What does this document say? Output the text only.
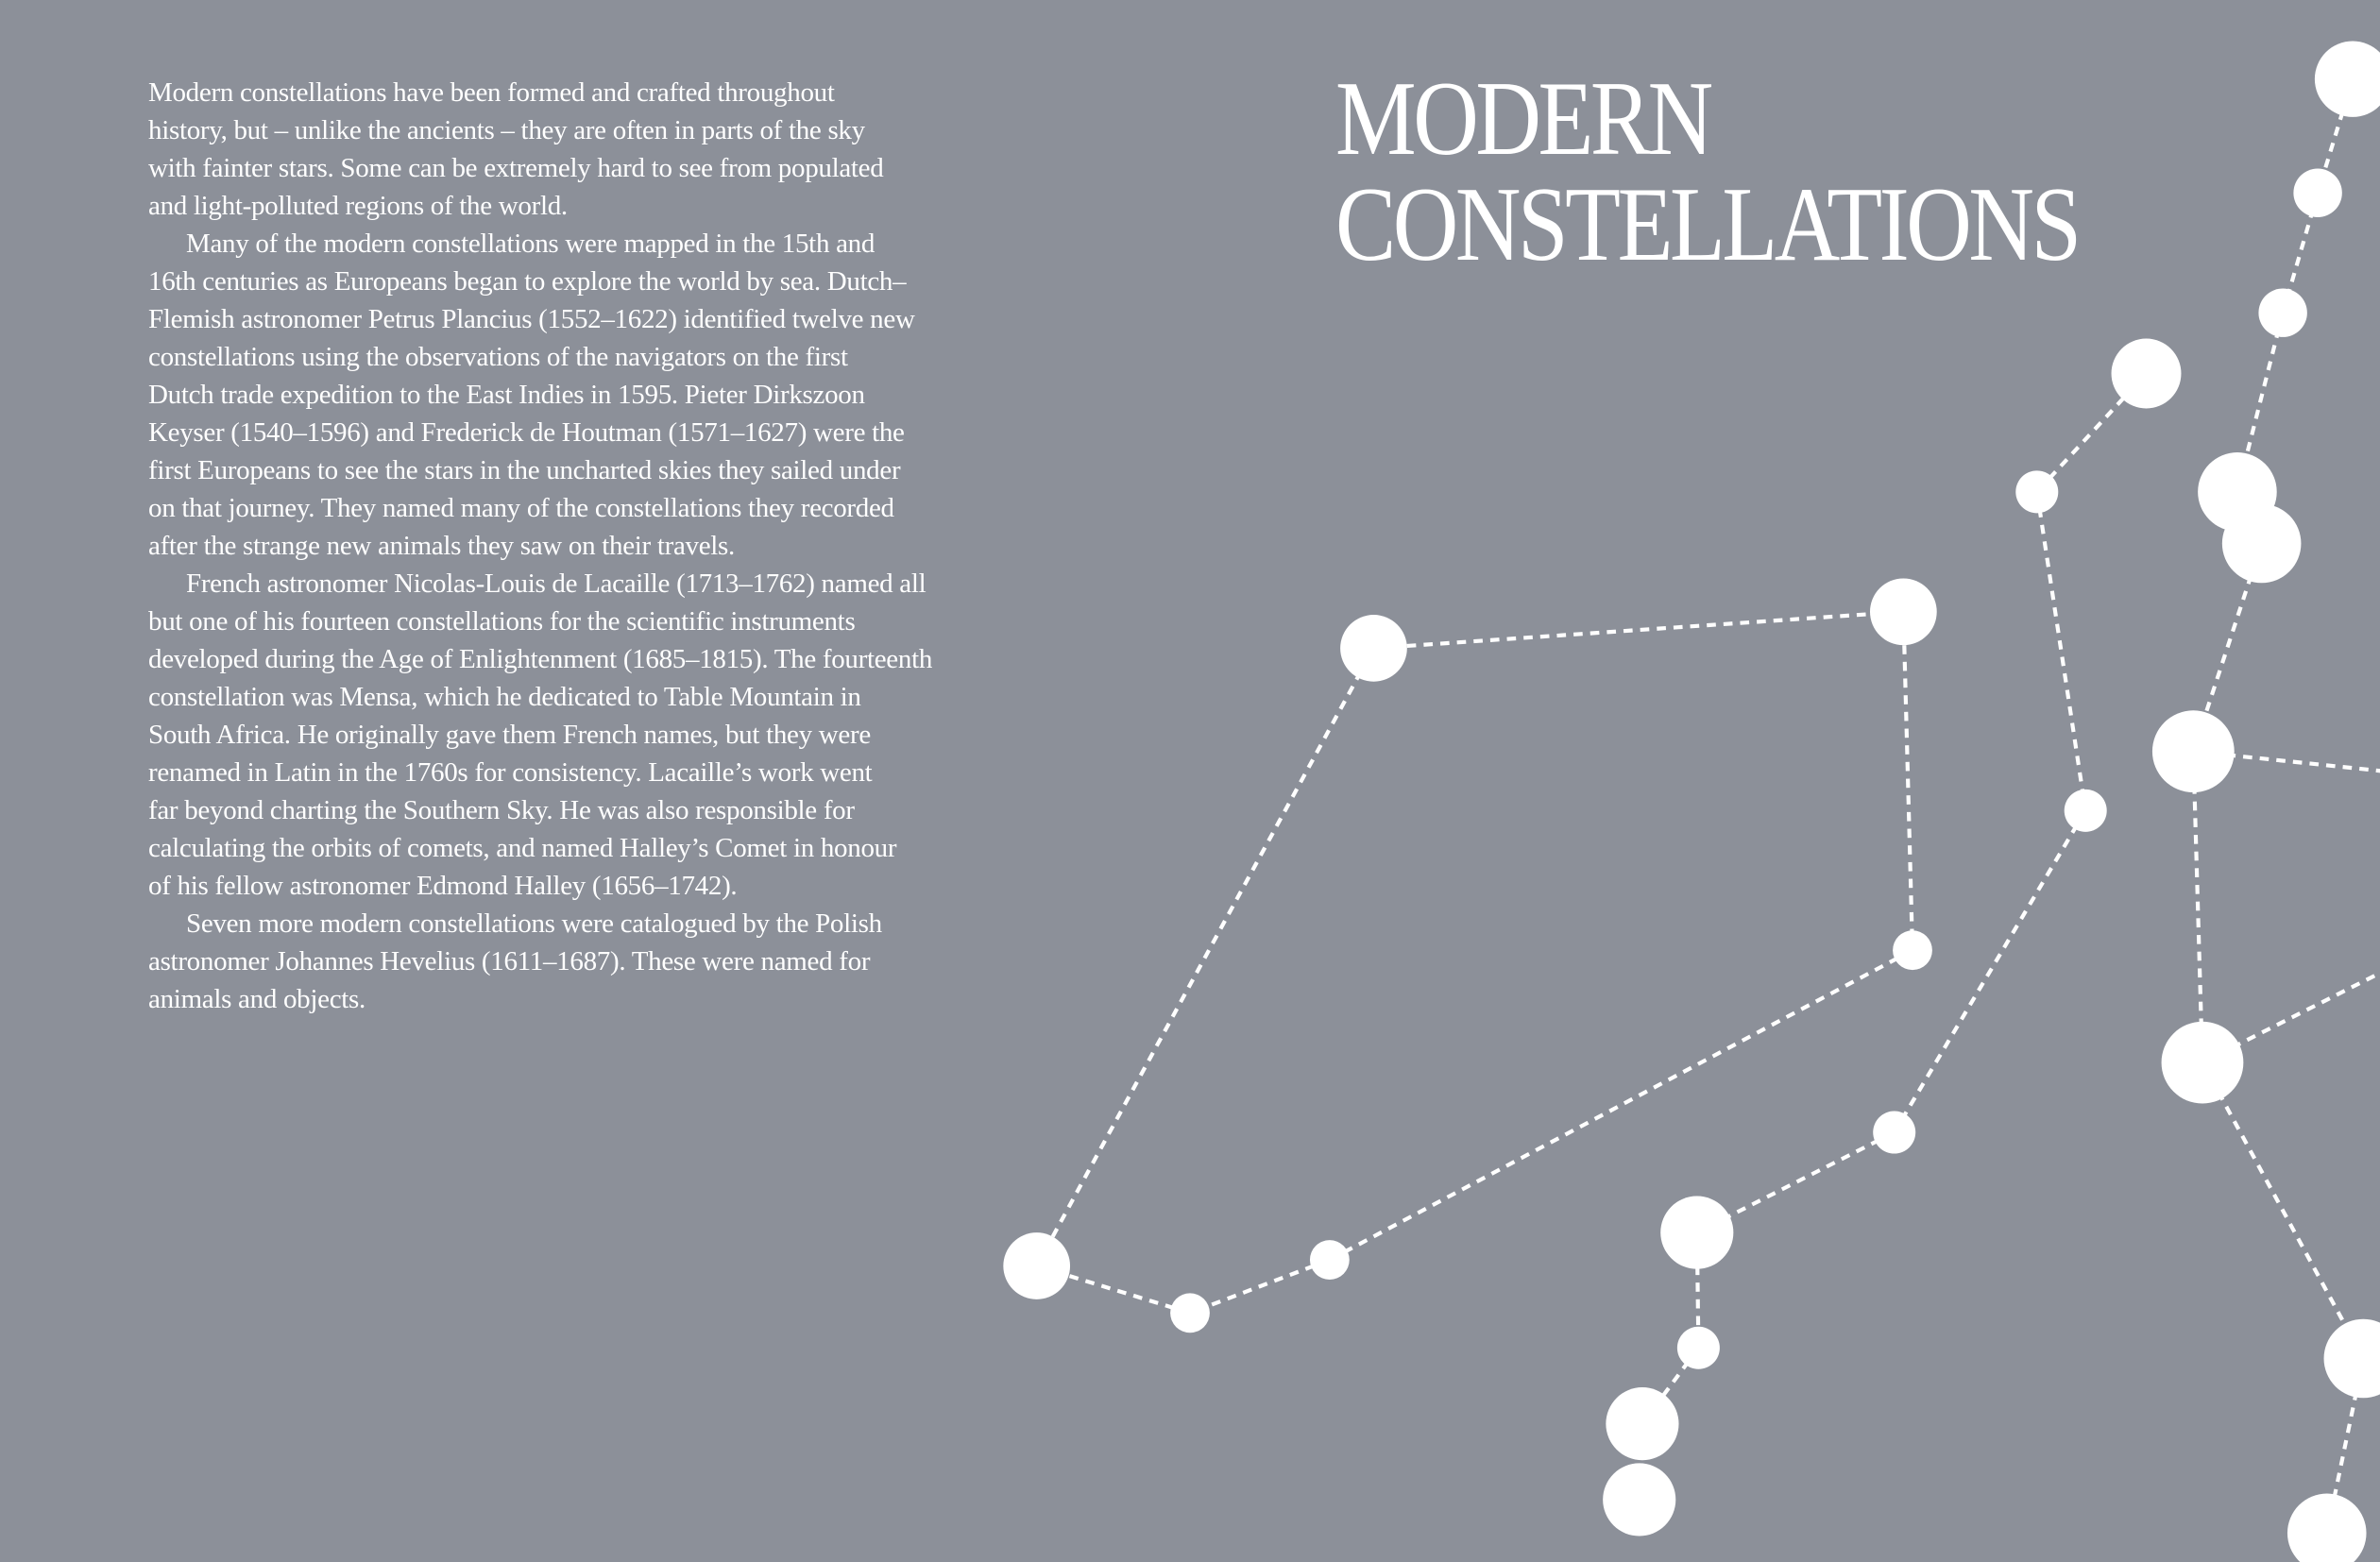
MODERN
CONSTELLATIONS

Modern constellations have been formed and crafted throughout
history, but – unlike the ancients – they are often in parts of the sky
with fainter stars. Some can be extremely hard to see from populated
and light-polluted regions of the world.

Many of the modern constellations were mapped in the 15th and
16th centuries as Europeans began to explore the world by sea. Dutch–
Flemish astronomer Petrus Plancius (1552–1622) identified twelve new
constellations using the observations of the navigators on the first
Dutch trade expedition to the East Indies in 1595. Pieter Dirkszoon
Keyser (1540–1596) and Frederick de Houtman (1571–1627) were the
first Europeans to see the stars in the uncharted skies they sailed under
on that journey. They named many of the constellations they recorded
after the strange new animals they saw on their travels.

French astronomer Nicolas-Louis de Lacaille (1713–1762) named all
but one of his fourteen constellations for the scientific instruments
developed during the Age of Enlightenment (1685–1815). The fourteenth
constellation was Mensa, which he dedicated to Table Mountain in
South Africa. He originally gave them French names, but they were
renamed in Latin in the 1760s for consistency. Lacaille’s work went
far beyond charting the Southern Sky. He was also responsible for
calculating the orbits of comets, and named Halley’s Comet in honour
of his fellow astronomer Edmond Halley (1656–1742).

Seven more modern constellations were catalogued by the Polish
astronomer Johannes Hevelius (1611–1687). These were named for
animals and objects.
